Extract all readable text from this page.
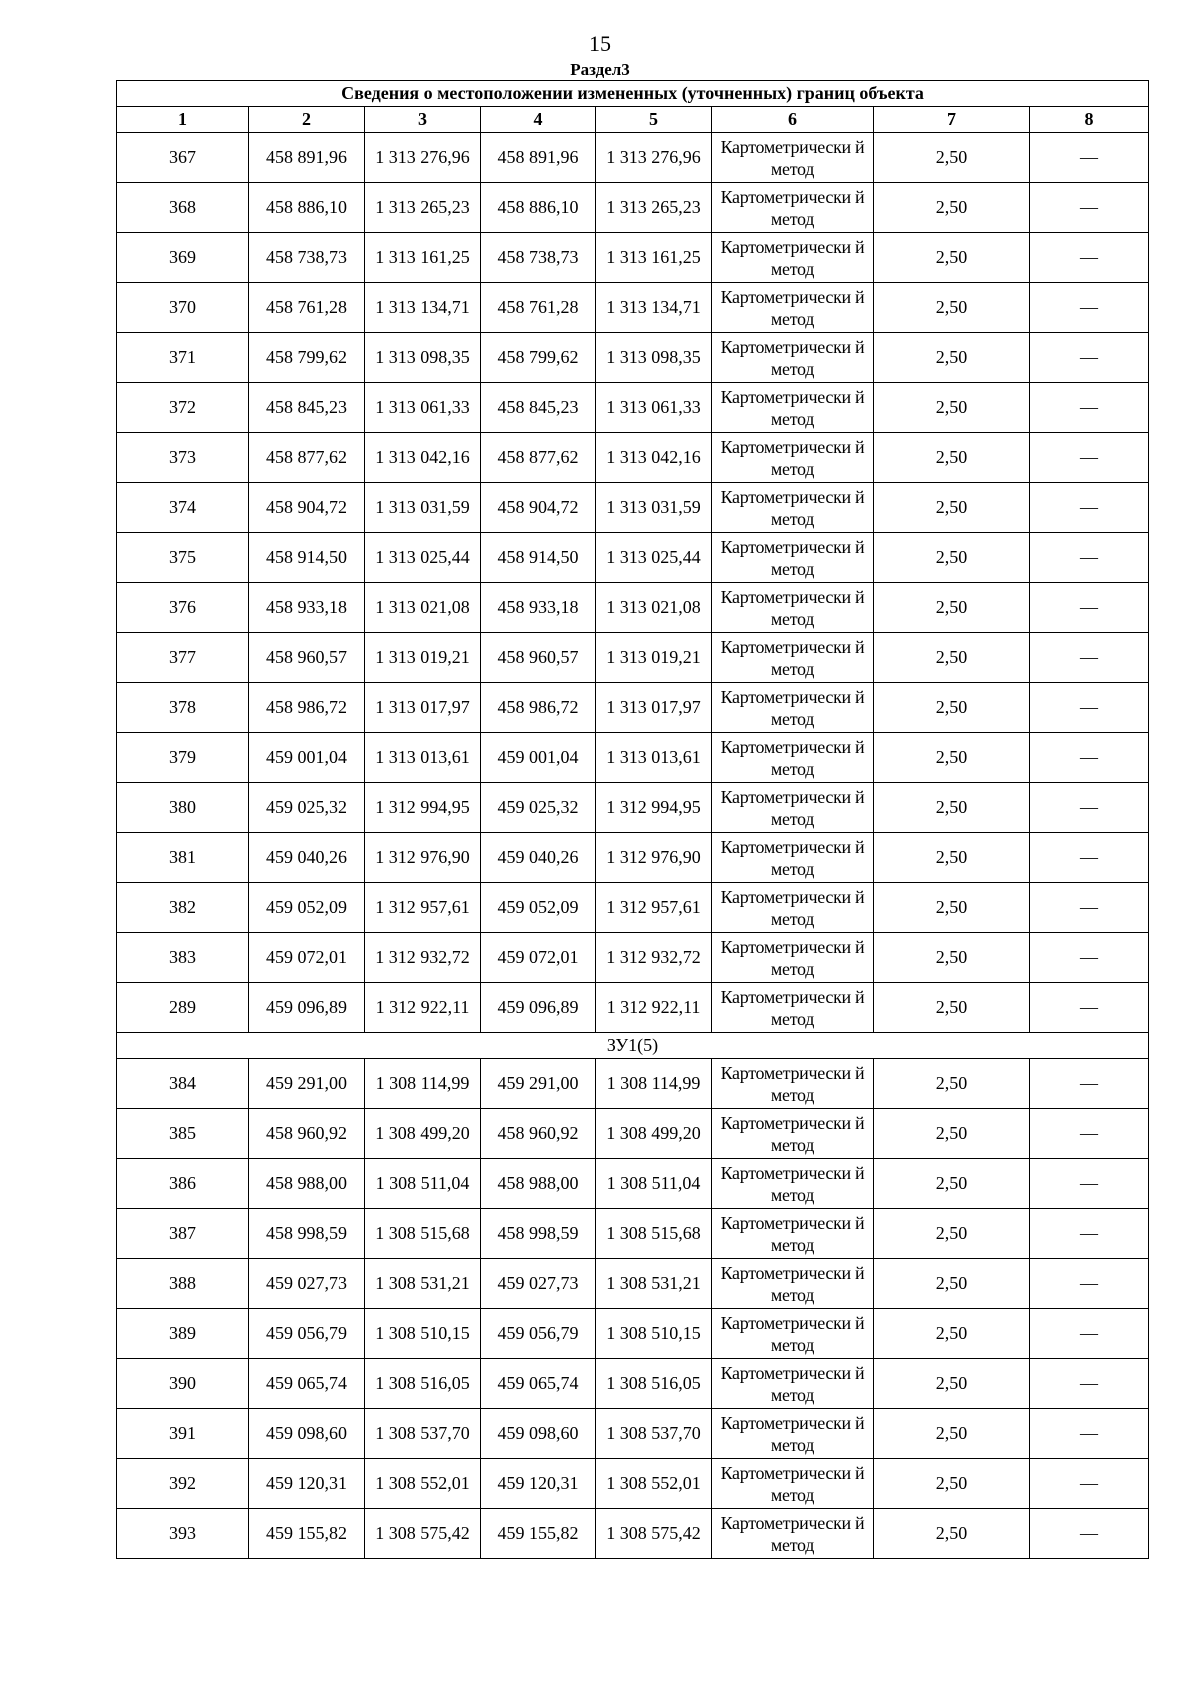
15
Раздел3
Сведения о местоположении измененных (уточненных) границ объекта							
1	2	3	4	5	6	7	8
367	458 891,96	1 313 276,96	458 891,96	1 313 276,96	Картометрически й метод	2,50	—
368	458 886,10	1 313 265,23	458 886,10	1 313 265,23	Картометрически й метод	2,50	—
369	458 738,73	1 313 161,25	458 738,73	1 313 161,25	Картометрически й метод	2,50	—
370	458 761,28	1 313 134,71	458 761,28	1 313 134,71	Картометрически й метод	2,50	—
371	458 799,62	1 313 098,35	458 799,62	1 313 098,35	Картометрически й метод	2,50	—
372	458 845,23	1 313 061,33	458 845,23	1 313 061,33	Картометрически й метод	2,50	—
373	458 877,62	1 313 042,16	458 877,62	1 313 042,16	Картометрически й метод	2,50	—
374	458 904,72	1 313 031,59	458 904,72	1 313 031,59	Картометрически й метод	2,50	—
375	458 914,50	1 313 025,44	458 914,50	1 313 025,44	Картометрически й метод	2,50	—
376	458 933,18	1 313 021,08	458 933,18	1 313 021,08	Картометрически й метод	2,50	—
377	458 960,57	1 313 019,21	458 960,57	1 313 019,21	Картометрически й метод	2,50	—
378	458 986,72	1 313 017,97	458 986,72	1 313 017,97	Картометрически й метод	2,50	—
379	459 001,04	1 313 013,61	459 001,04	1 313 013,61	Картометрически й метод	2,50	—
380	459 025,32	1 312 994,95	459 025,32	1 312 994,95	Картометрически й метод	2,50	—
381	459 040,26	1 312 976,90	459 040,26	1 312 976,90	Картометрически й метод	2,50	—
382	459 052,09	1 312 957,61	459 052,09	1 312 957,61	Картометрически й метод	2,50	—
383	459 072,01	1 312 932,72	459 072,01	1 312 932,72	Картометрически й метод	2,50	—
289	459 096,89	1 312 922,11	459 096,89	1 312 922,11	Картометрически й метод	2,50	—
ЗУ1(5)							
384	459 291,00	1 308 114,99	459 291,00	1 308 114,99	Картометрически й метод	2,50	—
385	458 960,92	1 308 499,20	458 960,92	1 308 499,20	Картометрически й метод	2,50	—
386	458 988,00	1 308 511,04	458 988,00	1 308 511,04	Картометрически й метод	2,50	—
387	458 998,59	1 308 515,68	458 998,59	1 308 515,68	Картометрически й метод	2,50	—
388	459 027,73	1 308 531,21	459 027,73	1 308 531,21	Картометрически й метод	2,50	—
389	459 056,79	1 308 510,15	459 056,79	1 308 510,15	Картометрически й метод	2,50	—
390	459 065,74	1 308 516,05	459 065,74	1 308 516,05	Картометрически й метод	2,50	—
391	459 098,60	1 308 537,70	459 098,60	1 308 537,70	Картометрически й метод	2,50	—
392	459 120,31	1 308 552,01	459 120,31	1 308 552,01	Картометрически й метод	2,50	—
393	459 155,82	1 308 575,42	459 155,82	1 308 575,42	Картометрически й метод	2,50	—
